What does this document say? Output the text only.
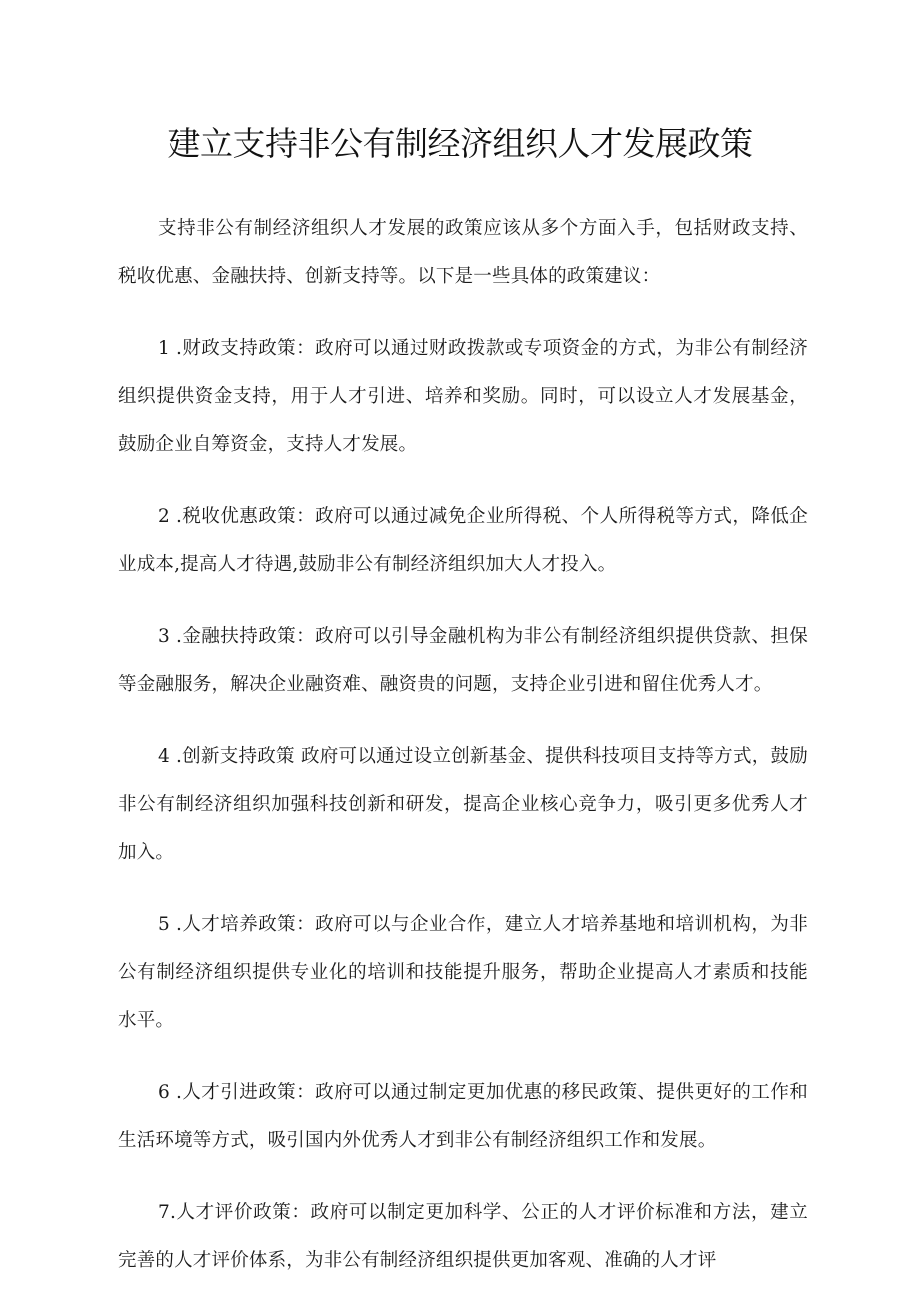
建立支持非公有制经济组织人才发展政策

支持非公有制经济组织人才发展的政策应该从多个方面入手，包括财政支持、税收优惠、金融扶持、创新支持等。以下是一些具体的政策建议：

1 .财政支持政策：政府可以通过财政拨款或专项资金的方式，为非公有制经济组织提供资金支持，用于人才引进、培养和奖励。同时，可以设立人才发展基金，鼓励企业自筹资金，支持人才发展。

2 .税收优惠政策：政府可以通过减免企业所得税、个人所得税等方式，降低企业成本,提高人才待遇,鼓励非公有制经济组织加大人才投入。

3 .金融扶持政策：政府可以引导金融机构为非公有制经济组织提供贷款、担保等金融服务，解决企业融资难、融资贵的问题，支持企业引进和留住优秀人才。

4 .创新支持政策 政府可以通过设立创新基金、提供科技项目支持等方式，鼓励非公有制经济组织加强科技创新和研发，提高企业核心竞争力，吸引更多优秀人才加入。

5 .人才培养政策：政府可以与企业合作，建立人才培养基地和培训机构，为非公有制经济组织提供专业化的培训和技能提升服务，帮助企业提高人才素质和技能水平。

6 .人才引进政策：政府可以通过制定更加优惠的移民政策、提供更好的工作和生活环境等方式，吸引国内外优秀人才到非公有制经济组织工作和发展。

7.人才评价政策：政府可以制定更加科学、公正的人才评价标准和方法，建立完善的人才评价体系，为非公有制经济组织提供更加客观、准确的人才评
